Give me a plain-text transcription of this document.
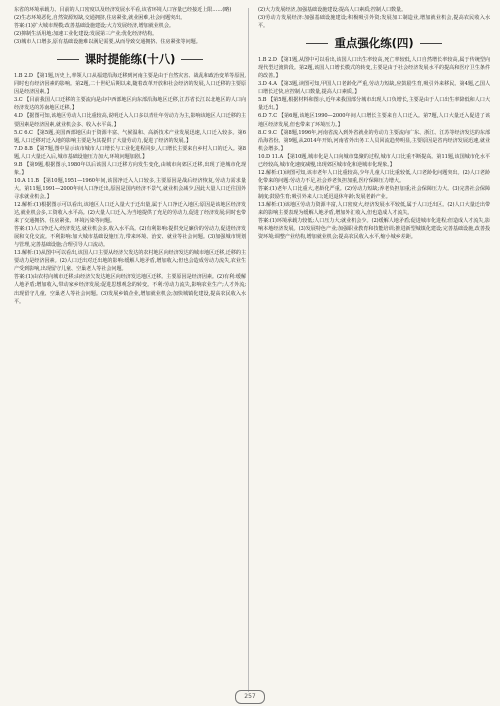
东省的环境承载力、目前的人口密度以及经济发展水平看,该省环境人口容量已经接近上限……(略)

(2)生态环境恶化,自然资源短缺,交通拥挤,住房紧张,就业困难,社会问题突出。

答案:(1)扩大城市规模;改善基础设施建设;大力发展经济,增加就业机会。

(2)抑制生活用地;加速工业化建设;发展第三产业;优化经济结构。

(3)城市人口增多,原有基础设施难以满足需要,从而导致交通拥挤、住房紧张等问题。

课时提能练(十八)

1.B 2.D 【第1题,历史上,率领人口从福建沿海迁移到河南主要是由于自然灾害、战乱和政治变革等原因,同时也有经济因素的影响。第2题,二十世纪后期以来,随着改革开放和社会经济的发展,人口迁移的主要原因是经济因素。】

3.C 【目前我国人口迁移的主要流向是由中西部地区向东部沿海地区迁移,江苏省长江以北地区的人口向经济发达的苏南地区迁移。】

4.D 【据图可知,该地区劳动人口比重较高,说明迁入人口多以青壮年劳动力为主,影响该地区人口迁移的主要因素是经济因素,就业机会多、收入水平高。】

5.C 6.C 【第5题,美国西部地区由于资源丰富、气候温和、高新技术产业发展迅速,人口迁入较多。第6题,人口迁移对迁入地的影响主要是为其提供了大量劳动力,促进了经济的发展。】

7.D 8.B 【第7题,图中显示该市城市人口增长与工业化进程同步,人口增长主要来自乡村人口的迁入。第8题,人口大量迁入后,城市基础设施压力加大,环境问题加剧。】

9.B 【第9题,根据图示,1980年以后该国人口迁移方向发生变化,由城市向郊区迁移,出现了逆城市化现象。】

10.A 11.B 【第10题,1951—1960年间,该国净迁入人口较多,主要原因是战后经济恢复,劳动力需求量大。第11题,1991—2000年间人口净迁出,原因是国内经济不景气,就业机会减少,因此大量人口迁往国外寻求就业机会。】

12.解析:(1)根据图示可以看出,该地区人口迁入量大于迁出量,属于人口净迁入地区;原因是该地区经济发达,就业机会多,工资收入水平高。(2)大量人口迁入,为当地提供了充足的劳动力,促进了经济发展;同时也带来了交通拥挤、住房紧张、环境污染等问题。

答案:(1)人口净迁入;经济发达,就业机会多,收入水平高。(2)有利影响:提供充足廉价的劳动力,促进经济发展和文化交流。不利影响:加大城市基础设施压力,带来环境、治安、就业等社会问题。(3)加强城市规划与管理,完善基础设施;合理引导人口流动。

13.解析:(1)从图中可以看出,该国人口主要从经济欠发达的农村地区向经济发达的城市地区迁移,迁移的主要动力是经济因素。(2)人口迁出对迁出地的影响:缓解人地矛盾,增加收入;但也会造成劳动力流失,农业生产受到影响,出现留守儿童、空巢老人等社会问题。

答案:(1)由农村向城市迁移;由经济欠发达地区向经济发达地区迁移。主要原因是经济因素。(2)有利:缓解人地矛盾;增加收入,带动家乡经济发展;促进思想观念的转变。不利:劳动力流失,影响农业生产;人才外流;出现留守儿童、空巢老人等社会问题。(3)发展乡镇企业,增加就业机会;加快城镇化建设,提高农民收入水平。

(2)大力发展经济,加强基础设施建设;提高人口素质;控制人口数量。

(3)劳动力发展经济:加强基础设施建设;积极吸引外资;发展加工制造业,增加就业机会,提高农民收入水平。

重点强化练(四)

1.B 2.D 【第1题,从图中可以看出,该国人口出生率较高,死亡率较低,人口自然增长率较高,属于传统型向现代型过渡阶段。第2题,该国人口增长模式的转变,主要是由于社会经济发展水平的提高和医疗卫生条件的改善。】

3.D 4.A 【第3题,读图可知,甲国人口老龄化严重,劳动力短缺,应鼓励生育,吸引外来移民。第4题,乙国人口增长过快,应控制人口数量,提高人口素质。】

5.B 【第5题,根据材料和图示,近年来我国部分城市出现人口负增长,主要是由于人口出生率降低和人口大量迁出。】

6.D 7.C 【第6题,该地区1990—2000年间人口增长主要来自人口迁入。第7题,人口大量迁入促进了该地区经济发展,但也带来了环境压力。】

8.C 9.C 【第8题,1996年,河南省流入到外省就业的劳动力主要流向广东、浙江、江苏等经济发达的东部沿海省份。第9题,从2014年开始,河南省外出务工人员回流趋势明显,主要原因是省内经济发展迅速,就业机会增多。】

10.D 11.A 【第10题,城市化是人口向城市集聚的过程,城市人口比重不断提高。第11题,该国城市化水平已经较高,城市化速度减慢,出现郊区城市化和逆城市化现象。】

12.解析:(1)读图可知,该市老年人口比重较高,少年儿童人口比重较低,人口老龄化问题突出。(2)人口老龄化带来的问题:劳动力不足,社会养老负担加重,医疗保障压力增大。

答案:(1)老年人口比重大,老龄化严重。(2)劳动力短缺;养老负担加重;社会保障压力大。(3)完善社会保障制度;鼓励生育;吸引外来人口;延迟退休年龄;发展老龄产业。

13.解析:(1)该地区劳动力资源丰富,人口密度大,经济发展水平较低,属于人口迁出区。(2)人口大量迁出带来的影响主要表现为缓解人地矛盾,增加外汇收入,但也造成人才流失。

答案:(1)环境承载力较低;人口压力大;就业机会少。(2)缓解人地矛盾;促进城市化进程;但造成人才流失,影响本地经济发展。(3)发展特色产业;加强职业教育和技能培训;推进新型城镇化建设;完善基础设施,改善投资环境;调整产业结构,增加就业机会;提高农民收入水平,缩小城乡差距。

257
